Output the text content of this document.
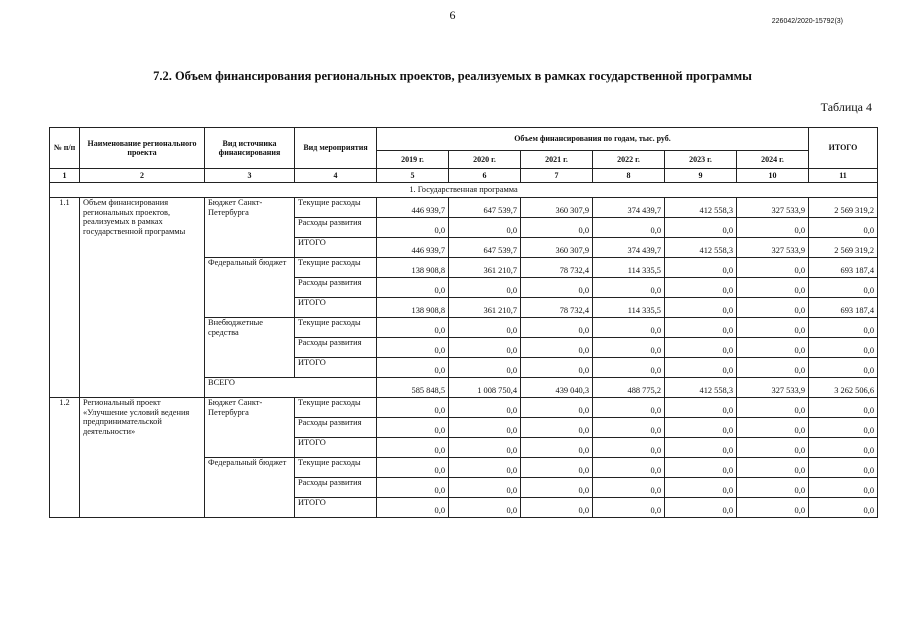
6	226042/2020-15792(3)
7.2. Объем финансирования региональных проектов, реализуемых в рамках государственной программы
Таблица 4
№ п/п	Наименование регионального проекта	Вид источника финансирования	Вид мероприятия	Объем финансирования по годам, тыс. руб.						ИТОГО
				2019 г.	2020 г.	2021 г.	2022 г.	2023 г.	2024 г.	
1	2	3	4	5	6	7	8	9	10	11
1. Государственная программа										
1.1	Объем финансирования региональных проектов, реализуемых в рамках государственной программы	Бюджет Санкт-Петербурга	Текущие расходы	446 939,7	647 539,7	360 307,9	374 439,7	412 558,3	327 533,9	2 569 319,2
			Расходы развития	0,0	0,0	0,0	0,0	0,0	0,0	0,0
			ИТОГО	446 939,7	647 539,7	360 307,9	374 439,7	412 558,3	327 533,9	2 569 319,2
		Федеральный бюджет	Текущие расходы	138 908,8	361 210,7	78 732,4	114 335,5	0,0	0,0	693 187,4
			Расходы развития	0,0	0,0	0,0	0,0	0,0	0,0	0,0
			ИТОГО	138 908,8	361 210,7	78 732,4	114 335,5	0,0	0,0	693 187,4
		Внебюджетные средства	Текущие расходы	0,0	0,0	0,0	0,0	0,0	0,0	0,0
			Расходы развития	0,0	0,0	0,0	0,0	0,0	0,0	0,0
			ИТОГО	0,0	0,0	0,0	0,0	0,0	0,0	0,0
		ВСЕГО		585 848,5	1 008 750,4	439 040,3	488 775,2	412 558,3	327 533,9	3 262 506,6
1.2	Региональный проект «Улучшение условий ведения предпринимательской деятельности»	Бюджет Санкт-Петербурга	Текущие расходы	0,0	0,0	0,0	0,0	0,0	0,0	0,0
			Расходы развития	0,0	0,0	0,0	0,0	0,0	0,0	0,0
			ИТОГО	0,0	0,0	0,0	0,0	0,0	0,0	0,0
		Федеральный бюджет	Текущие расходы	0,0	0,0	0,0	0,0	0,0	0,0	0,0
			Расходы развития	0,0	0,0	0,0	0,0	0,0	0,0	0,0
			ИТОГО	0,0	0,0	0,0	0,0	0,0	0,0	0,0
